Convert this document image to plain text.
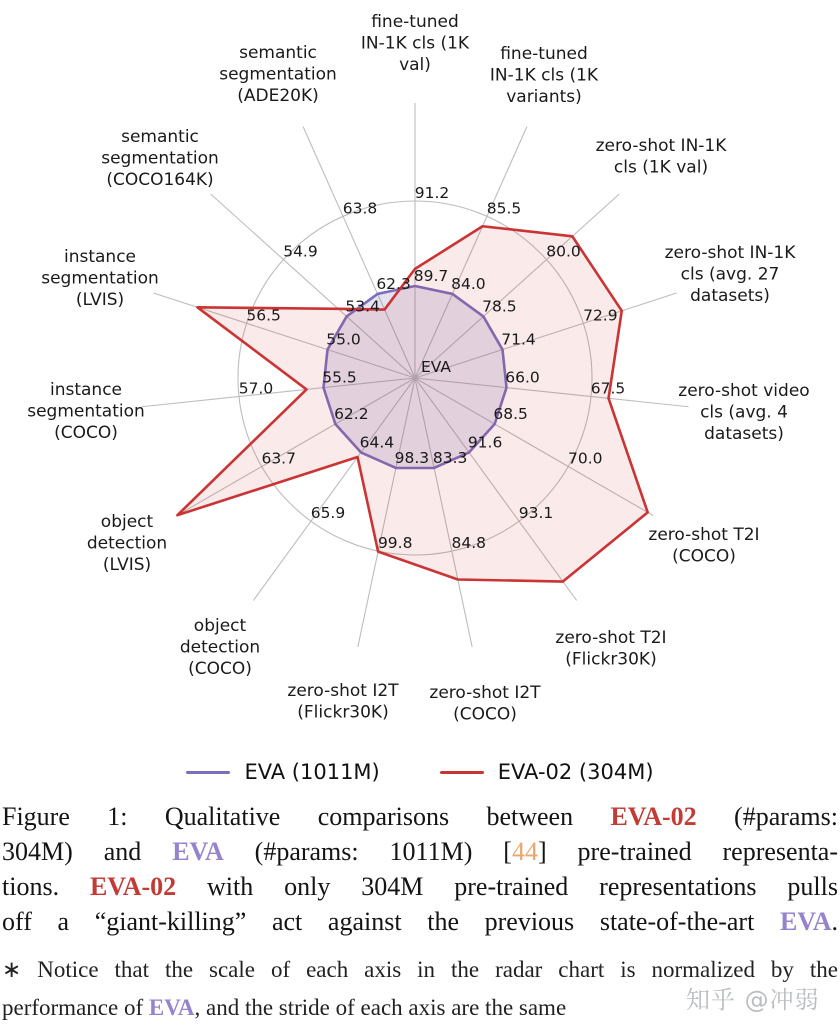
89.7
91.2
84.0
85.5
78.5
80.0
71.4
72.9
66.0
67.5
68.5
70.0
91.6
93.1
83.3
84.8
98.3
99.8
64.4
65.9
62.2
63.7
55.5
57.0
55.0
56.5	53.4
54.9
62.3
63.8
fine-tuned IN-1K cls (1K val)
fine-tuned IN-1K cls (1K variants)
zero-shot IN-1K cls (1K val)
zero-shot IN-1K cls (avg. 27 datasets)
zero-shot video cls (avg. 4 datasets)
zero-shot T2I (COCO)
zero-shot T2I (Flickr30K)
zero-shot I2T (COCO)
zero-shot I2T (Flickr30K)
object detection (COCO)
object detection (LVIS)
instance segmentation (COCO)
instance segmentation (LVIS)
semantic segmentation (COCO164K)
semantic segmentation (ADE20K)
EVA
EVA (1011M)	EVA-02 (304M)
Figure 1: Qualitative comparisons between EVA-02 (#params:
304M) and EVA (#params: 1011M) [44] pre-trained representa-
tions. EVA-02 with only 304M pre-trained representations pulls
off a “giant-killing” act against the previous state-of-the-art EVA.
∗ Notice that the scale of each axis in the radar chart is normalized by the
performance of EVA, and the stride of each axis are the same	知乎 @冲弱
